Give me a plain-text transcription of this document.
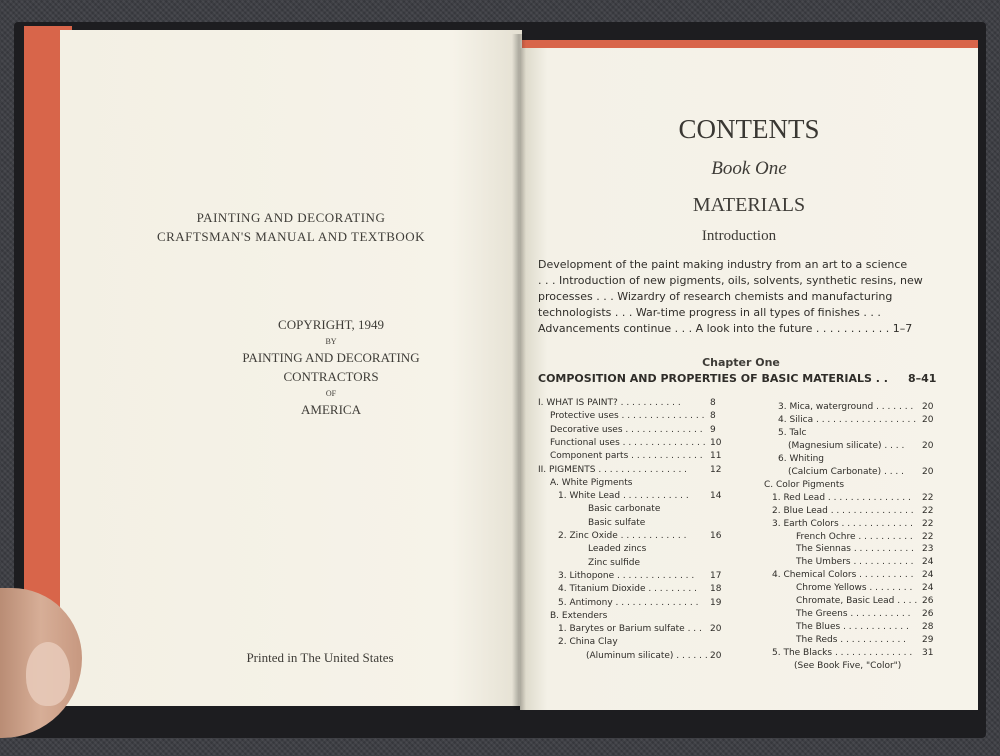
PAINTING AND DECORATING
CRAFTSMAN'S MANUAL AND TEXTBOOK
COPYRIGHT, 1949
BY
PAINTING AND DECORATING
CONTRACTORS
OF
AMERICA
Printed in The United States
CONTENTS
Book One
MATERIALS
Introduction
Development of the paint making industry from an art to a science
. . . Introduction of new pigments, oils, solvents, synthetic resins, new
processes . . . Wizardry of research chemists and manufacturing
technologists . . . War-time progress in all types of finishes . . .
Advancements continue . . . A look into the future . . . . . . . . . . . 1–7
Chapter One
COMPOSITION AND PROPERTIES OF BASIC MATERIALS . . 8–41
I. WHAT IS PAINT? . . . . . . . . . . .	8
Protective uses . . . . . . . . . . . . . . . 8
Decorative uses . . . . . . . . . . . . . . 9
Functional uses . . . . . . . . . . . . . . . 10
Component parts . . . . . . . . . . . . . 11
II. PIGMENTS . . . . . . . . . . . . . . . .	12
A. White Pigments
1. White Lead . . . . . . . . . . . . 14
Basic carbonate
Basic sulfate
2. Zinc Oxide . . . . . . . . . . . .	16
Leaded zincs
Zinc sulfide
3. Lithopone . . . . . . . . . . . . . . 17
4. Titanium Dioxide . . . . . . . . . 18
5. Antimony . . . . . . . . . . . . . . . 19
B. Extenders
1. Barytes or Barium sulfate . . . 20
2. China Clay
(Aluminum silicate) . . . . . . 20
3. Mica, waterground . . . . . . . 20
4. Silica . . . . . . . . . . . . . . . . . . 20
5. Talc
(Magnesium silicate) . . . . 20
6. Whiting
(Calcium Carbonate) . . . . 20
C. Color Pigments
1. Red Lead . . . . . . . . . . . . . . . 22
2. Blue Lead . . . . . . . . . . . . . . . 22
3. Earth Colors . . . . . . . . . . . . . 22
French Ochre . . . . . . . . . . 22
The Siennas . . . . . . . . . . . 23
The Umbers . . . . . . . . . . . 24
4. Chemical Colors . . . . . . . . . . 24
Chrome Yellows . . . . . . . . 24
Chromate, Basic Lead . . . . 26
The Greens . . . . . . . . . . . 26
The Blues . . . . . . . . . . . . 28
The Reds . . . . . . . . . . . . 29
5. The Blacks . . . . . . . . . . . . . . 31
(See Book Five, "Color")
